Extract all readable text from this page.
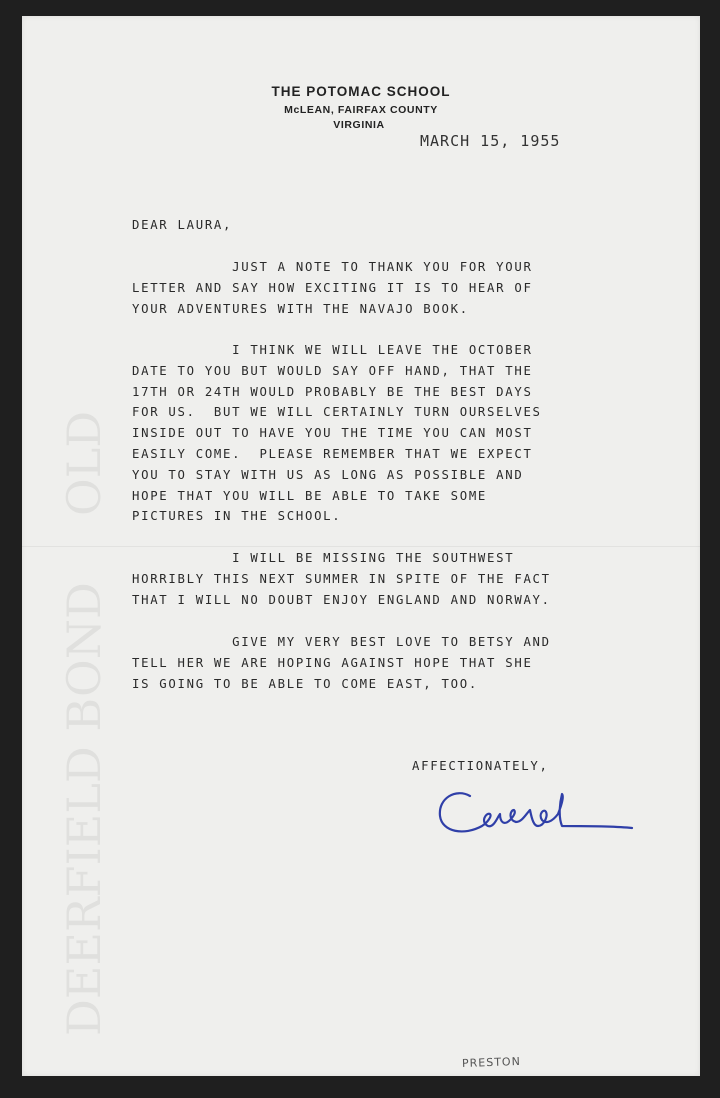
DEERFIELD BOND
OLD
THE POTOMAC SCHOOL
McLEAN, FAIRFAX COUNTY
VIRGINIA
MARCH 15, 1955
DEAR LAURA,
JUST A NOTE TO THANK YOU FOR YOUR
LETTER AND SAY HOW EXCITING IT IS TO HEAR OF
YOUR ADVENTURES WITH THE NAVAJO BOOK.
I THINK WE WILL LEAVE THE OCTOBER
DATE TO YOU BUT WOULD SAY OFF HAND, THAT THE
17TH OR 24TH WOULD PROBABLY BE THE BEST DAYS
FOR US.  BUT WE WILL CERTAINLY TURN OURSELVES
INSIDE OUT TO HAVE YOU THE TIME YOU CAN MOST
EASILY COME.  PLEASE REMEMBER THAT WE EXPECT
YOU TO STAY WITH US AS LONG AS POSSIBLE AND
HOPE THAT YOU WILL BE ABLE TO TAKE SOME
PICTURES IN THE SCHOOL.
I WILL BE MISSING THE SOUTHWEST
HORRIBLY THIS NEXT SUMMER IN SPITE OF THE FACT
THAT I WILL NO DOUBT ENJOY ENGLAND AND NORWAY.
GIVE MY VERY BEST LOVE TO BETSY AND
TELL HER WE ARE HOPING AGAINST HOPE THAT SHE
IS GOING TO BE ABLE TO COME EAST, TOO.
AFFECTIONATELY,
PRESTON
